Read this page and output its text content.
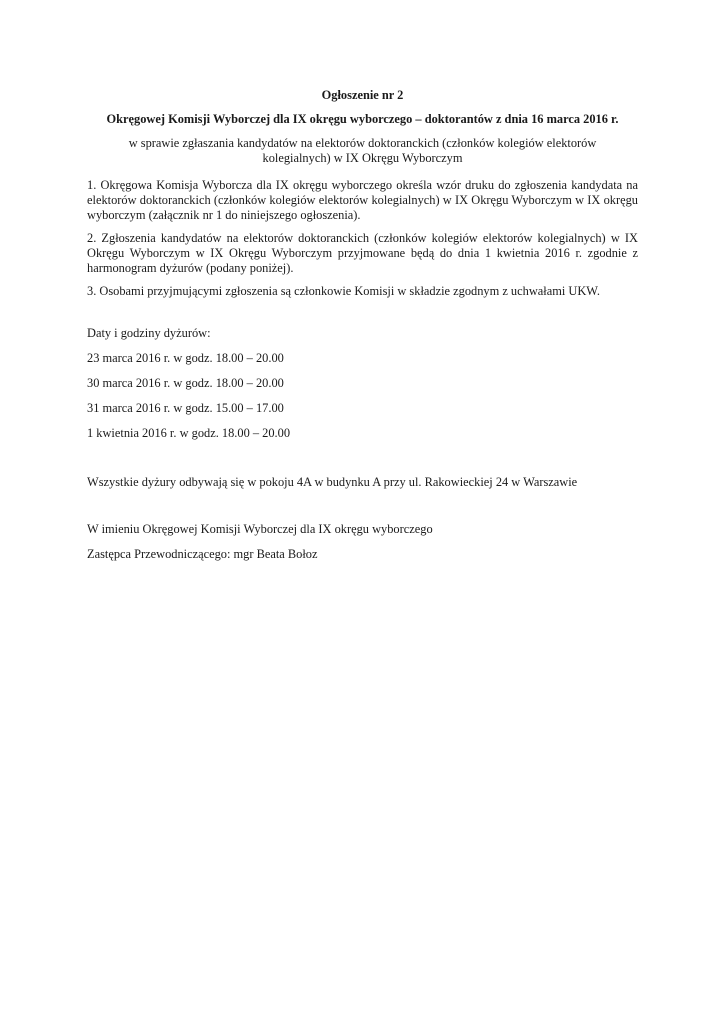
Ogłoszenie nr 2
Okręgowej Komisji Wyborczej dla IX okręgu wyborczego – doktorantów z dnia 16 marca 2016 r.
w sprawie zgłaszania kandydatów na elektorów doktoranckich (członków kolegiów elektorów kolegialnych) w IX Okręgu Wyborczym

1. Okręgowa Komisja Wyborcza dla IX okręgu wyborczego określa wzór druku do zgłoszenia kandydata na elektorów doktoranckich (członków kolegiów elektorów kolegialnych) w IX Okręgu Wyborczym w IX okręgu wyborczym (załącznik nr 1 do niniejszego ogłoszenia).

2. Zgłoszenia kandydatów na elektorów doktoranckich (członków kolegiów elektorów kolegialnych) w IX Okręgu Wyborczym w IX Okręgu Wyborczym przyjmowane będą do dnia 1 kwietnia 2016 r. zgodnie z harmonogram dyżurów (podany poniżej).

3. Osobami przyjmującymi zgłoszenia są członkowie Komisji w składzie zgodnym z uchwałami UKW.

Daty i godziny dyżurów:

23 marca 2016 r. w godz. 18.00 – 20.00

30 marca 2016 r. w godz. 18.00 – 20.00

31 marca 2016 r. w godz. 15.00 – 17.00

1 kwietnia 2016 r. w godz. 18.00 – 20.00

Wszystkie dyżury odbywają się w pokoju 4A w budynku A przy ul. Rakowieckiej 24 w Warszawie

W imieniu Okręgowej Komisji Wyborczej dla IX okręgu wyborczego

Zastępca Przewodniczącego: mgr Beata Bołoz
